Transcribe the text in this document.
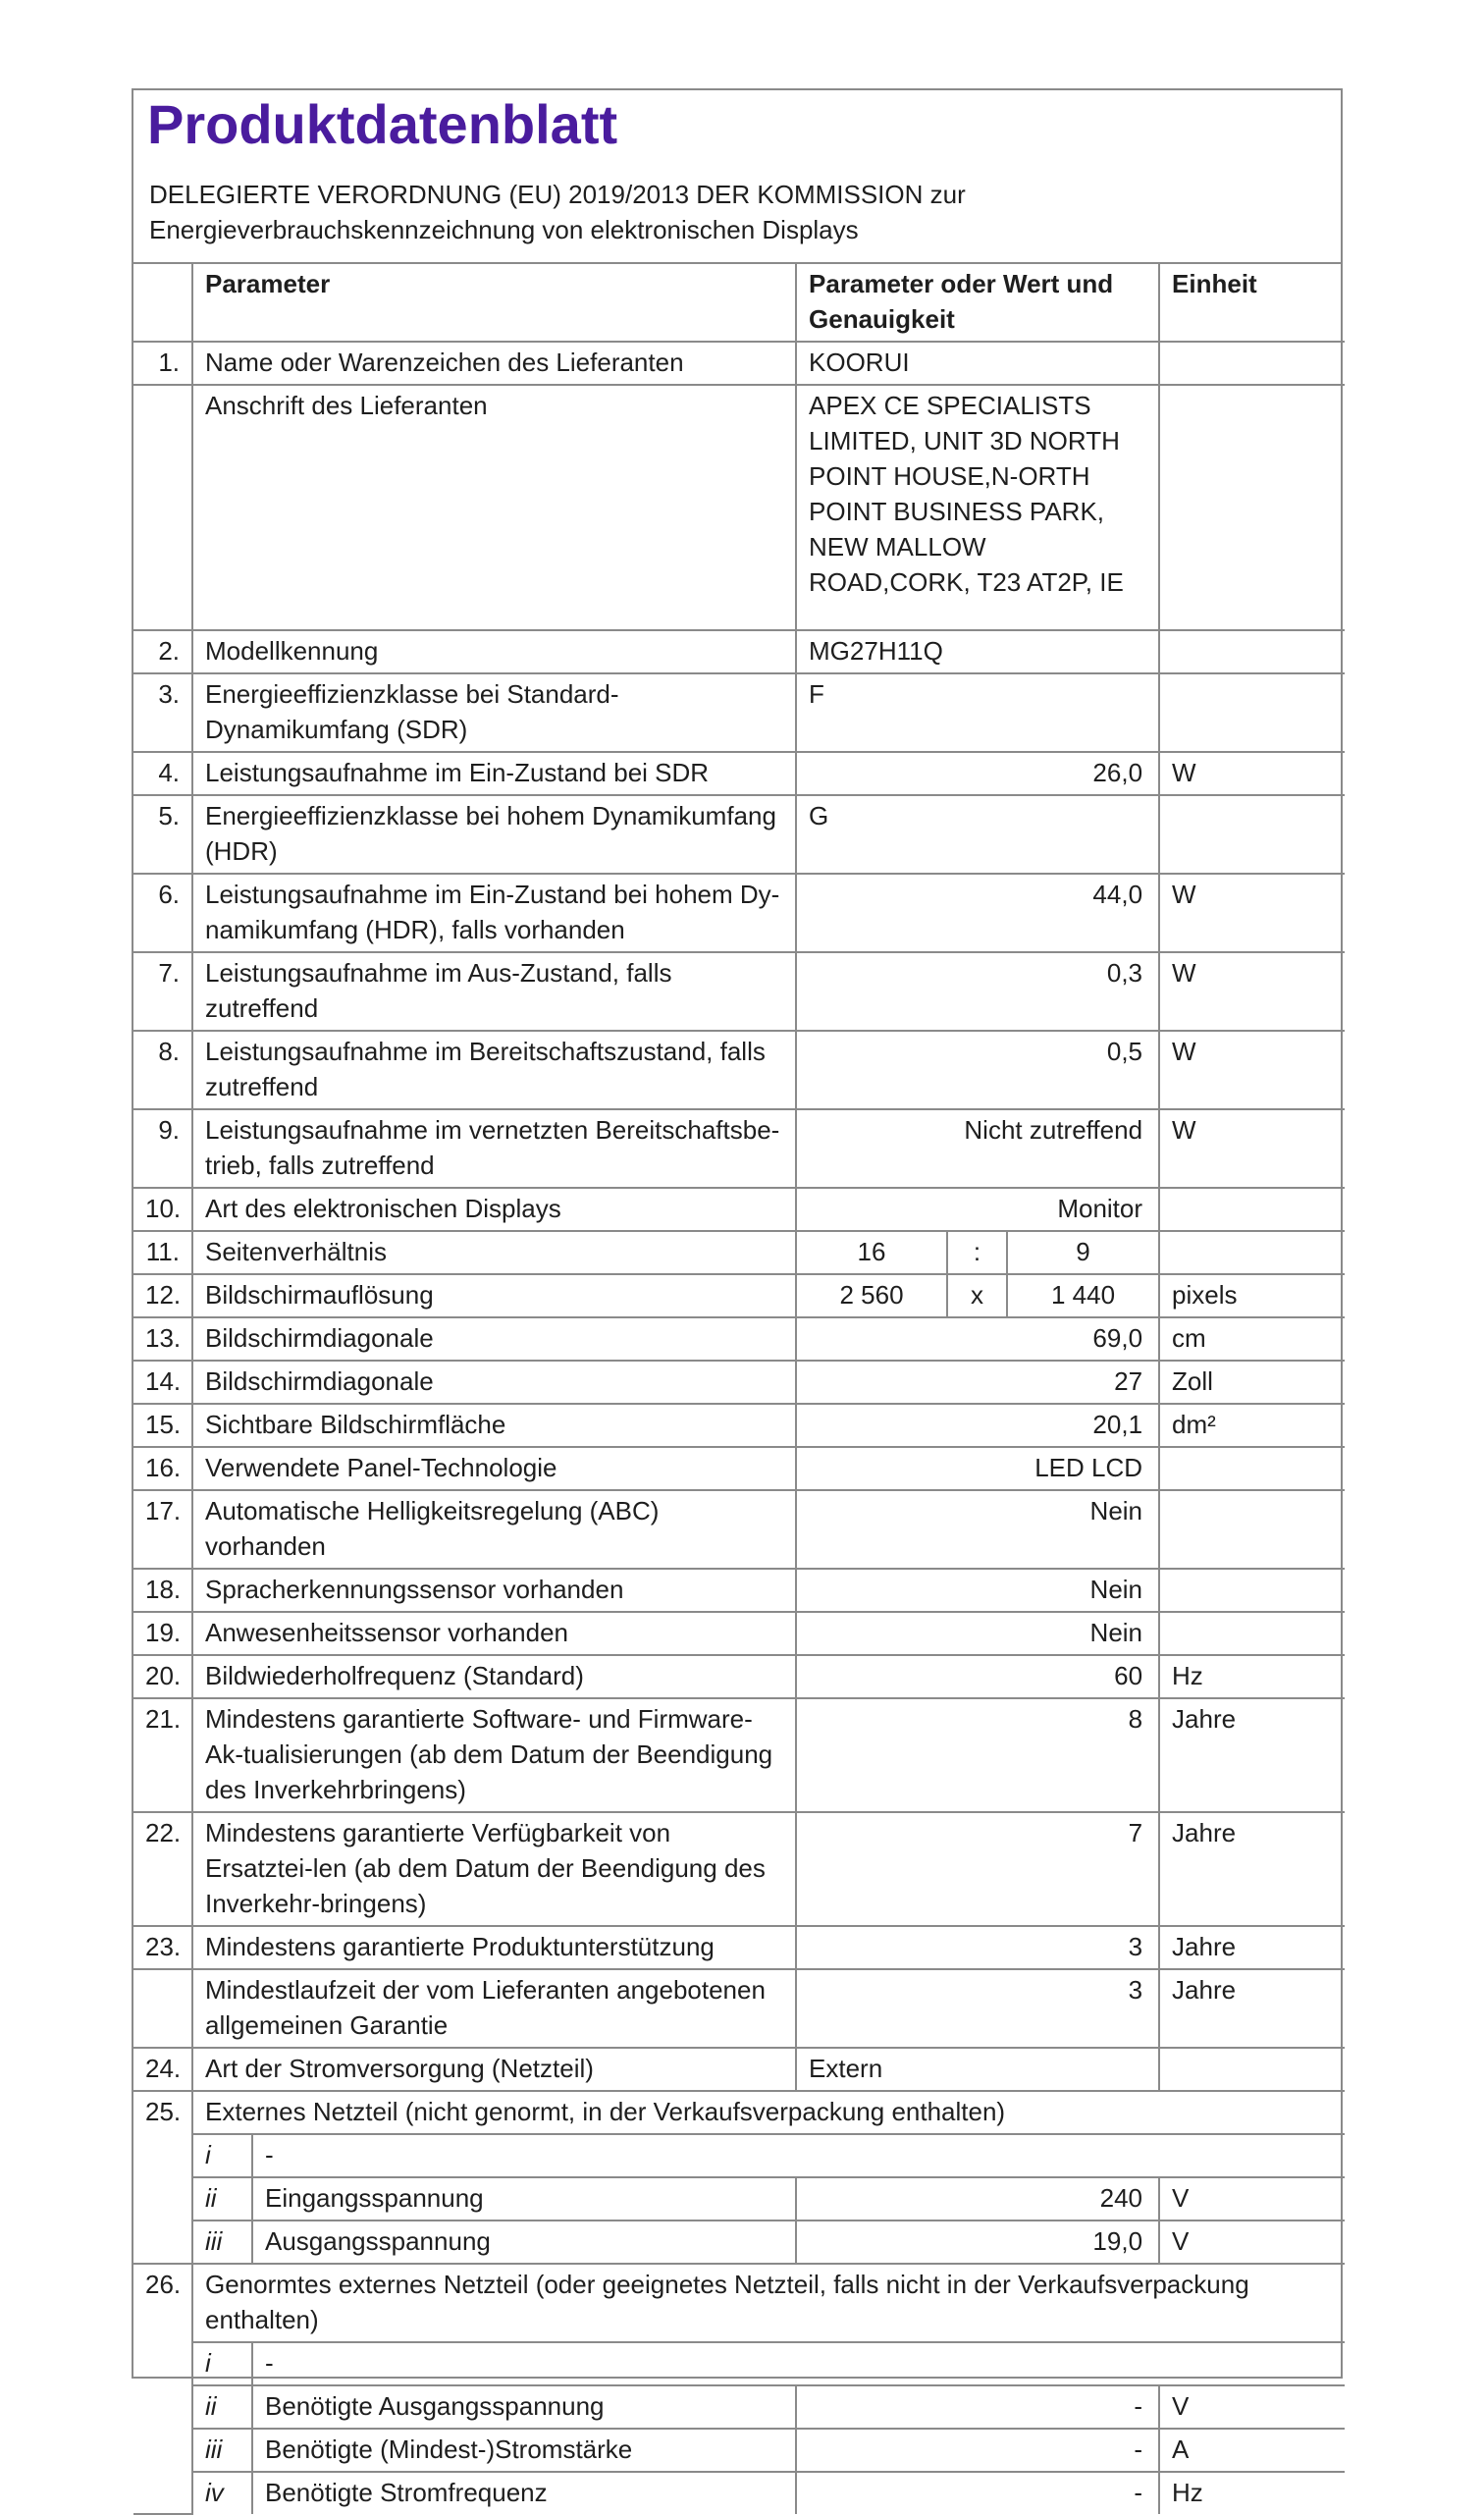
Produktdatenblatt
DELEGIERTE VERORDNUNG (EU) 2019/2013 DER KOMMISSION zur
Energieverbrauchskennzeichnung von elektronischen Displays
	Parameter		Parameter oder Wert und Genauigkeit			Einheit
1.	Name oder Warenzeichen des Lieferanten		KOORUI			
	Anschrift des Lieferanten		APEX CE SPECIALISTS LIMITED, UNIT 3D NORTH POINT HOUSE,N-ORTH POINT BUSINESS PARK, NEW MALLOW ROAD,CORK, T23 AT2P, IE			
2.	Modellkennung		MG27H11Q			
3.	Energieeffizienzklasse bei Standard-Dynamikumfang (SDR)		F			
4.	Leistungsaufnahme im Ein-Zustand bei SDR		26,0			W
5.	Energieeffizienzklasse bei hohem Dynamikumfang (HDR)		G			
6.	Leistungsaufnahme im Ein-Zustand bei hohem Dy-namikumfang (HDR), falls vorhanden		44,0			W
7.	Leistungsaufnahme im Aus-Zustand, falls zutreffend		0,3			W
8.	Leistungsaufnahme im Bereitschaftszustand, falls zutreffend		0,5			W
9.	Leistungsaufnahme im vernetzten Bereitschaftsbe-trieb, falls zutreffend		Nicht zutreffend			W
10.	Art des elektronischen Displays		Monitor			
11.	Seitenverhältnis		16	:	9	
12.	Bildschirmauflösung		2 560	x	1 440	pixels
13.	Bildschirmdiagonale		69,0			cm
14.	Bildschirmdiagonale		27			Zoll
15.	Sichtbare Bildschirmfläche		20,1			dm²
16.	Verwendete Panel-Technologie		LED LCD			
17.	Automatische Helligkeitsregelung (ABC) vorhanden		Nein			
18.	Spracherkennungssensor vorhanden		Nein			
19.	Anwesenheitssensor vorhanden		Nein			
20.	Bildwiederholfrequenz (Standard)		60			Hz
21.	Mindestens garantierte Software- und Firmware-Ak-tualisierungen (ab dem Datum der Beendigung des Inverkehrbringens)		8			Jahre
22.	Mindestens garantierte Verfügbarkeit von Ersatztei-len (ab dem Datum der Beendigung des Inverkehr-bringens)		7			Jahre
23.	Mindestens garantierte Produktunterstützung		3			Jahre
	Mindestlaufzeit der vom Lieferanten angebotenen allgemeinen Garantie		3			Jahre
24.	Art der Stromversorgung (Netzteil)		Extern			
25.	Externes Netzteil (nicht genormt, in der Verkaufsverpackung enthalten)					
	i	-				
	ii	Eingangsspannung	240			V
	iii	Ausgangsspannung	19,0			V
26.	Genormtes externes Netzteil (oder geeignetes Netzteil, falls nicht in der Verkaufsverpackung enthalten)					
	i	-				
	ii	Benötigte Ausgangsspannung	-			V
	iii	Benötigte (Mindest-)Stromstärke	-			A
	iv	Benötigte Stromfrequenz	-			Hz
